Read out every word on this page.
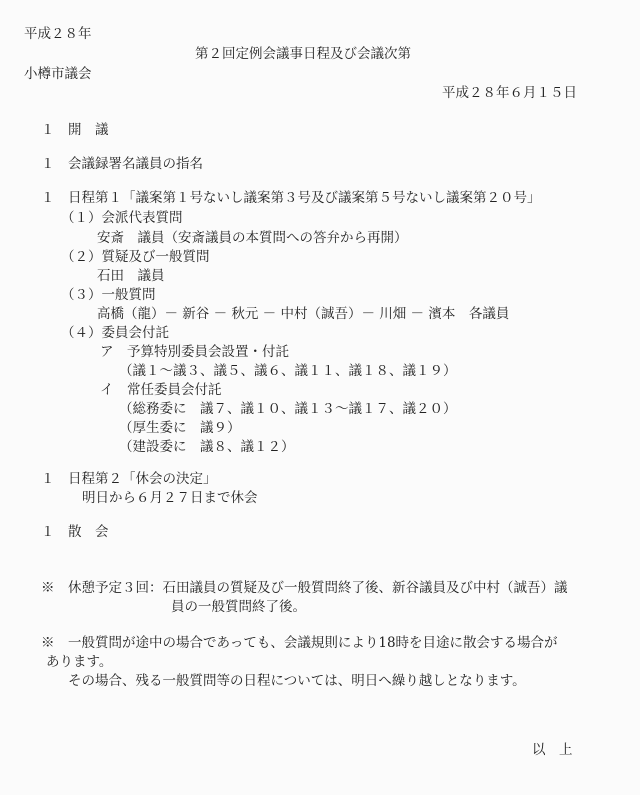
平成２８年
第２回定例会議事日程及び会議次第
小樽市議会
平成２８年６月１５日
１　開　議
１　会議録署名議員の指名
１　日程第１「議案第１号ないし議案第３号及び議案第５号ないし議案第２０号」
（１）会派代表質問
安斎　議員（安斎議員の本質問への答弁から再開）
（２）質疑及び一般質問
石田　議員
（３）一般質問
高橋（龍）－ 新谷 － 秋元 － 中村（誠吾）－ 川畑 － 濱本　各議員
（４）委員会付託
ア　予算特別委員会設置・付託
（議１～議３、議５、議６、議１１、議１８、議１９）
イ　常任委員会付託
（総務委に　議７、議１０、議１３～議１７、議２０）
（厚生委に　議９）
（建設委に　議８、議１２）
１　日程第２「休会の決定」
明日から６月２７日まで休会
１　散　会
※　休憩予定３回：石田議員の質疑及び一般質問終了後、新谷議員及び中村（誠吾）議
員の一般質問終了後。
※　一般質問が途中の場合であっても、会議規則により18時を目途に散会する場合が
あります。
その場合、残る一般質問等の日程については、明日へ繰り越しとなります。
以　上
